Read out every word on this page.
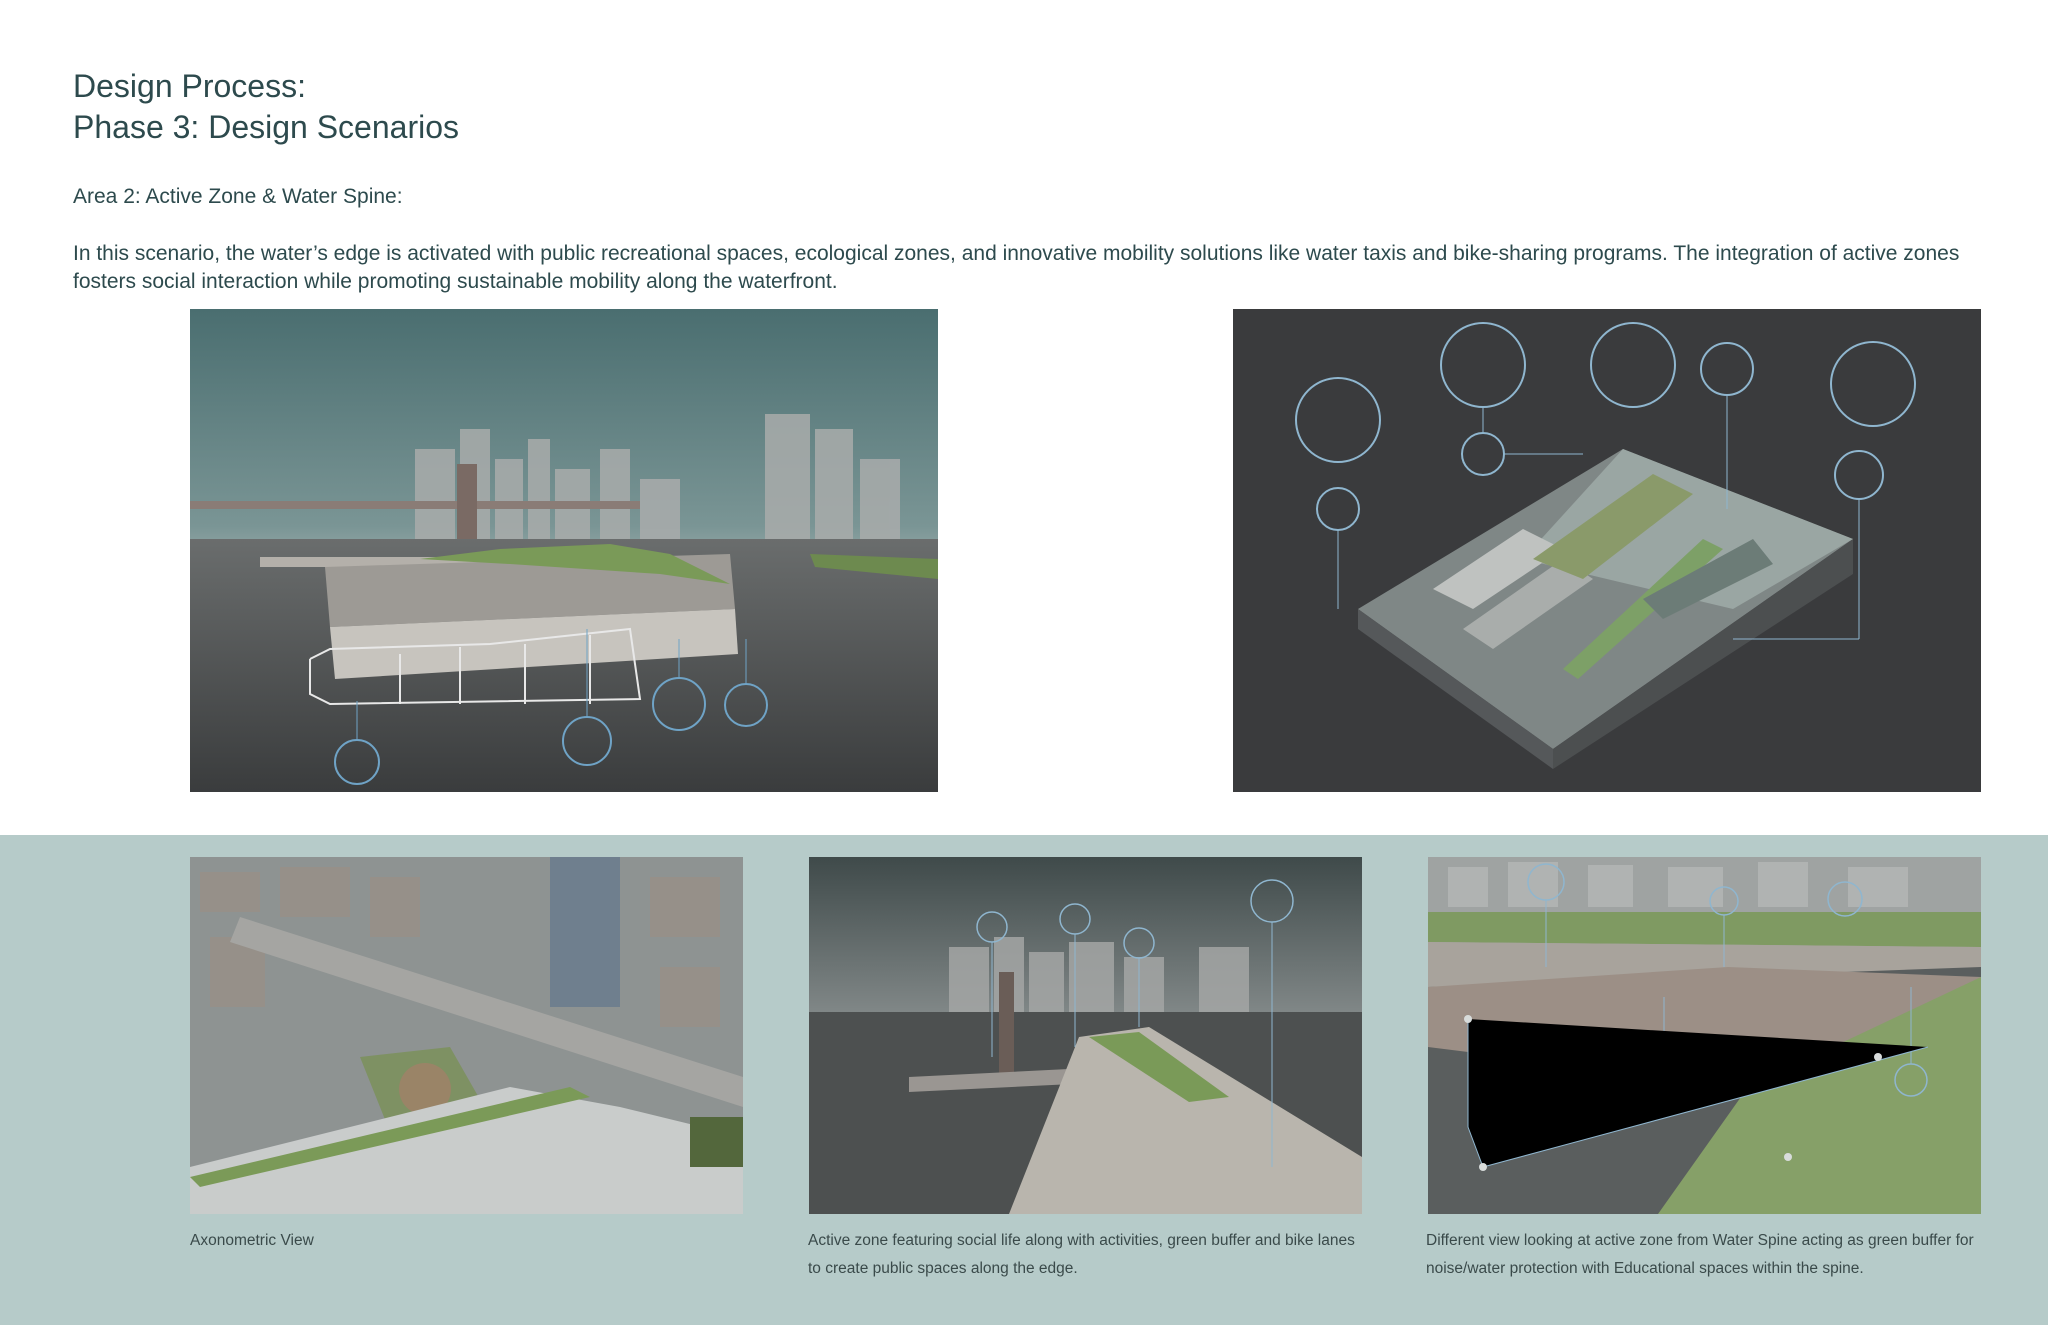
Design Process:
Phase 3: Design Scenarios
Area 2: Active Zone & Water Spine:

In this scenario, the water’s edge is activated with public recreational spaces, ecological zones, and innovative mobility solutions like water taxis and bike-sharing programs. The integration of active zones fosters social interaction while promoting sustainable mobility along the waterfront.

Axonometric View	Active zone featuring social life along with activities, green buffer and bike lanes to create public spaces along the edge.
Different view looking at active zone from Water Spine acting as green buffer for noise/water protection with Educational spaces within the spine.
